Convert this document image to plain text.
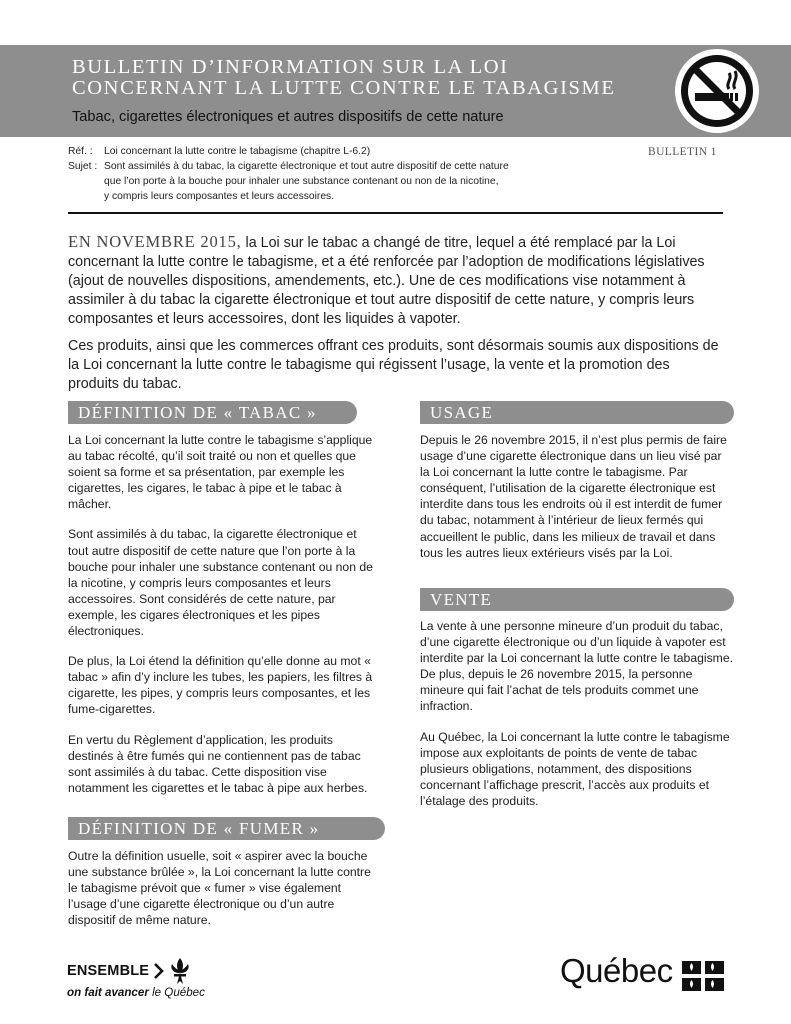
BULLETIN D’INFORMATION SUR LA LOI
CONCERNANT LA LUTTE CONTRE LE TABAGISME
Tabac, cigarettes électroniques et autres dispositifs de cette nature
Réf. :	Loi concernant la lutte contre le tabagisme (chapitre L-6.2)
Sujet : Sont assimilés à du tabac, la cigarette électronique et tout autre dispositif de cette nature
que l’on porte à la bouche pour inhaler une substance contenant ou non de la nicotine,
y compris leurs composantes et leurs accessoires.
BULLETIN 1

EN NOVEMBRE 2015, la Loi sur le tabac a changé de titre, lequel a été remplacé par la Loi concernant la lutte contre le tabagisme, et a été renforcée par l’adoption de modifications législatives (ajout de nouvelles dispositions, amendements, etc.). Une de ces modifications vise notamment à assimiler à du tabac la cigarette électronique et tout autre dispositif de cette nature, y compris leurs composantes et leurs accessoires, dont les liquides à vapoter.

Ces produits, ainsi que les commerces offrant ces produits, sont désormais soumis aux dispositions de la Loi concernant la lutte contre le tabagisme qui régissent l’usage, la vente et la promotion des produits du tabac.

DÉFINITION DE « TABAC »

La Loi concernant la lutte contre le tabagisme s’applique au tabac récolté, qu’il soit traité ou non et quelles que soient sa forme et sa présentation, par exemple les cigarettes, les cigares, le tabac à pipe et le tabac à mâcher.

Sont assimilés à du tabac, la cigarette électronique et tout autre dispositif de cette nature que l’on porte à la bouche pour inhaler une substance contenant ou non de la nicotine, y compris leurs composantes et leurs accessoires. Sont considérés de cette nature, par exemple, les cigares électroniques et les pipes électroniques.

De plus, la Loi étend la définition qu’elle donne au mot « tabac » afin d’y inclure les tubes, les papiers, les filtres à cigarette, les pipes, y compris leurs composantes, et les fume-cigarettes.

En vertu du Règlement d’application, les produits destinés à être fumés qui ne contiennent pas de tabac sont assimilés à du tabac. Cette disposition vise notamment les cigarettes et le tabac à pipe aux herbes.

DÉFINITION DE « FUMER »

Outre la définition usuelle, soit « aspirer avec la bouche une substance brûlée », la Loi concernant la lutte contre le tabagisme prévoit que « fumer » vise également l’usage d’une cigarette électronique ou d’un autre dispositif de même nature.

USAGE

Depuis le 26 novembre 2015, il n’est plus permis de faire usage d’une cigarette électronique dans un lieu visé par la Loi concernant la lutte contre le tabagisme. Par conséquent, l’utilisation de la cigarette électronique est interdite dans tous les endroits où il est interdit de fumer du tabac, notamment à l’intérieur de lieux fermés qui accueillent le public, dans les milieux de travail et dans tous les autres lieux extérieurs visés par la Loi.

VENTE

La vente à une personne mineure d’un produit du tabac, d’une cigarette électronique ou d’un liquide à vapoter est interdite par la Loi concernant la lutte contre le tabagisme. De plus, depuis le 26 novembre 2015, la personne mineure qui fait l’achat de tels produits commet une infraction.

Au Québec, la Loi concernant la lutte contre le tabagisme impose aux exploitants de points de vente de tabac plusieurs obligations, notamment, des dispositions concernant l’affichage prescrit, l’accès aux produits et l’étalage des produits.

ENSEMBLE
on fait avancer le Québec
Québec
